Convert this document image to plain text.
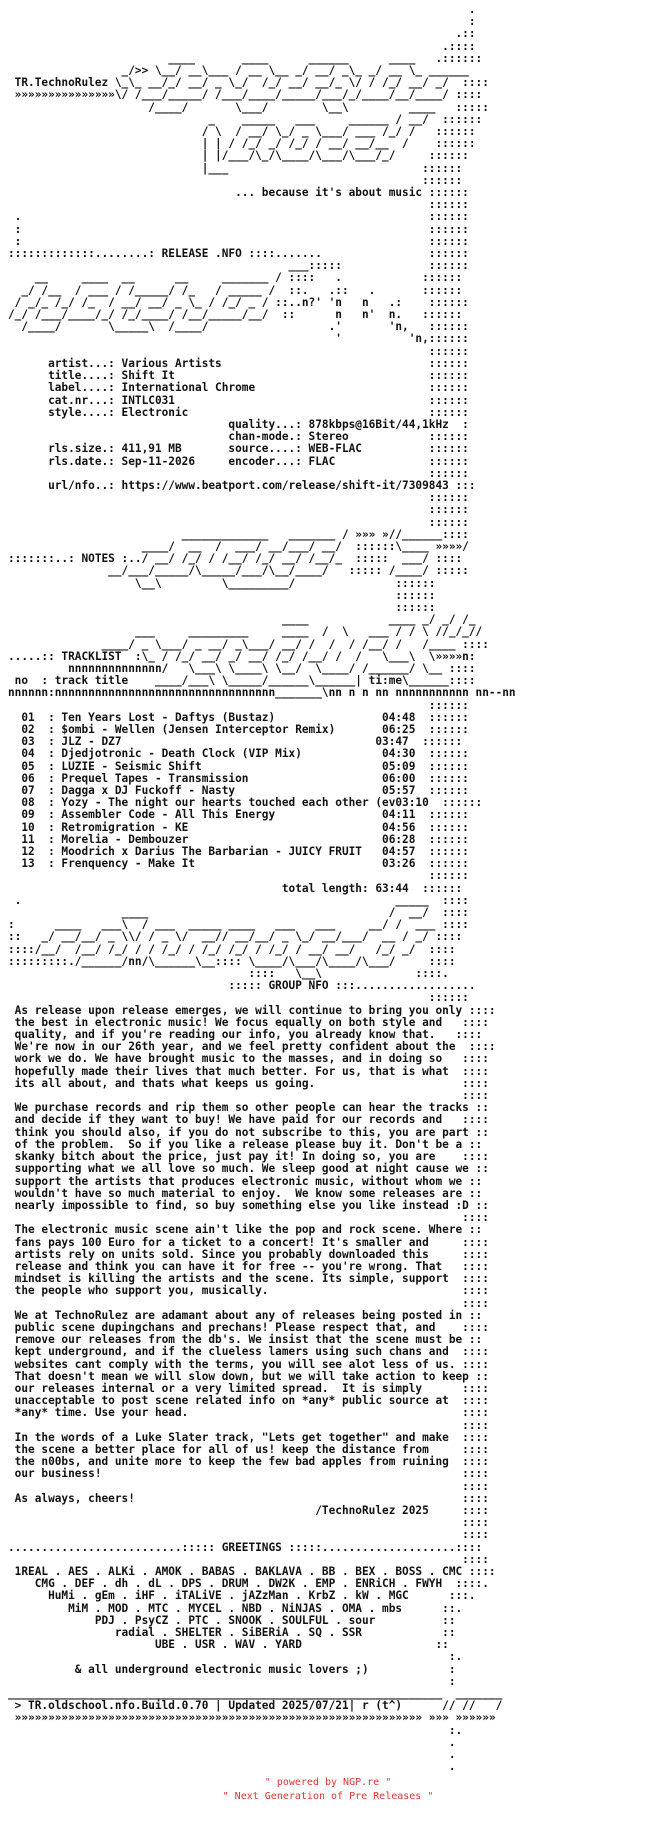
.
:
.::
.::::
____       ____      ______      ____   .::::::
_/>> \__/ __\___ / __ \__ _/ __/ _\_ _/ __ \_ ______
TR.TechnoRulez \_\_ __/_/ __/ _ \_/  /_/ __/ __/_ \/ / /_/ __/ _/  ::::
»»»»»»»»»»»»»»»\/ /___/_____/ /___/____/_____/___/_/____/__/____/ ::::
/____/       \___/        \__\         ____   :::::
_    _____   ___     ______ / __/  ::::::
/ \  / __/ \_/ _ \___/ ___ /_/ /   ::::::
| | / /_/ _/ /_/ / __/ __/__  /    ::::::
| |/___/\_/\____/\___/\___/_/     ::::::
|___                             ::::::
::::::
... because it's about music ::::::
::::::
.                                                             ::::::
:                                                             ::::::
:                                                             ::::::
:::::::::::::........: RELEASE .NFO ::::.......                ::::::
___:::::             ::::::
__     ____  __      __     _______ / ::::   .            ::::::
_/ /__  / ___ / /_____/ /_   / _____ /  ::.   .::   .       ::::::
/ _/_ /_/ /_  / __/ __/ _ \_ / /_/ _ / ::..n?' 'n   n   .:    ::::::
/_/ /___/____/_/ /_/____/ /__/_____/__/  ::      n   n'  n.   ::::::
/____/       \_____\  /____/                  .'       'n,   ::::::
'          'n,::::::
::::::
artist...: Various Artists                               ::::::
title....: Shift It                                      ::::::
label....: International Chrome                          ::::::
cat.nr...: INTLC031                                      ::::::
style....: Electronic                                    ::::::
quality...: 878kbps@16Bit/44,1kHz  :
chan-mode.: Stereo            ::::::
rls.size.: 411,91 MB       source....: WEB-FLAC          ::::::
rls.date.: Sep-11-2026     encoder...: FLAC              ::::::
::::::
url/nfo..: https://www.beatport.com/release/shift-it/7309843 :::
::::::
::::::
::::::
_____________   _______ / »»» »//______::::
____/  __  /  ___/ __/___/ __/  ::::::\____ »»»»/
:::::::..: NOTES :../ __/ /_/ / /__/ /_/ __/ /__/_  :::::  ___/ ::::
__/___/_____/\_____/___/\__/____/   ::::: /____/ :::::
\__\         \_________/               ::::::
::::::
::::::
____            ____ _/ _/ /_
___     _________     ____  /  \   ___ / / \ //_/_//
____/ _ \___/ _ __/ _\___/ __/ /  /  / /__/ /   /____ ::::
.....:: TRACKLIST  :\_ / /_/ __/ _/ __/ /_/ /__/ /  /   \___\  \»»»»n:
nnnnnnnnnnnnnn/   \___\ \____\ \__/  \____/ /______/ \__ ::::
no  : track title    ____/___\ \_____/______\______| ti:me\______::::
nnnnnn:nnnnnnnnnnnnnnnnnnnnnnnnnnnnnnnnn_______\nn n n nn nnnnnnnnnnn nn--nn
::::::
01  : Ten Years Lost - Daftys (Bustaz)                04:48  ::::::
02  : $ombi - Wellen (Jensen Interceptor Remix)       06:25  ::::::
03  : JLZ - DZ7                                      03:47  ::::::
04  : Djedjotronic - Death Clock (VIP Mix)            04:30  ::::::
05  : LUZIE - Seismic Shift                           05:09  ::::::
06  : Prequel Tapes - Transmission                    06:00  ::::::
07  : Dagga x DJ Fuckoff - Nasty                      05:57  ::::::
08  : Yozy - The night our hearts touched each other (ev03:10  ::::::
09  : Assembler Code - All This Energy                04:11  ::::::
10  : Retromigration - KE                             04:56  ::::::
11  : Morelia - Dembouzer                             06:28  ::::::
12  : Moodrich x Darius The Barbarian - JUICY FRUIT   04:57  ::::::
13  : Frenquency - Make It                            03:26  ::::::
::::::
total length: 63:44  ::::::
.                                                        _____  ::::
____                                    /  __/  ::::
:      ____   ___\  / ___  _____ ____   ___   ___     __/ /  ___ ::::
::   _/ __/__/ _ \\/ / _ \/  __// __/__/ _ \_/ __/___/  __ / _/ ::::
::::/__/  /__/ /_/ / / /_/ / /_/ /_/ / /_/ / __/ __/   /_/ _/  ::::
:::::::::./______/nn/\______\__:::: \____/\___/\____/\___/     ::::
::::   \__\              ::::.
::::: GROUP NFO :::..................
::::::
As release upon release emerges, we will continue to bring you only ::::
the best in electronic music! We focus equally on both style and   ::::
quality, and if you're reading our info, you already know that.   ::::
We're now in our 26th year, and we feel pretty confident about the  ::::
work we do. We have brought music to the masses, and in doing so   ::::
hopefully made their lives that much better. For us, that is what  ::::
its all about, and thats what keeps us going.                      ::::
::::
We purchase records and rip them so other people can hear the tracks ::
and decide if they want to buy! We have paid for our records and   ::::
think you should also, if you do not subscribe to this, you are part ::
of the problem.  So if you like a release please buy it. Don't be a ::
skanky bitch about the price, just pay it! In doing so, you are    ::::
supporting what we all love so much. We sleep good at night cause we ::
support the artists that produces electronic music, without whom we ::
wouldn't have so much material to enjoy.  We know some releases are ::
nearly impossible to find, so buy something else you like instead :D ::
::::
The electronic music scene ain't like the pop and rock scene. Where ::
fans pays 100 Euro for a ticket to a concert! It's smaller and     ::::
artists rely on units sold. Since you probably downloaded this     ::::
release and think you can have it for free -- you're wrong. That   ::::
mindset is killing the artists and the scene. Its simple, support  ::::
the people who support you, musically.                             ::::
::::
We at TechnoRulez are adamant about any of releases being posted in ::
public scene dupingchans and prechans! Please respect that, and    ::::
remove our releases from the db's. We insist that the scene must be ::
kept underground, and if the clueless lamers using such chans and  ::::
websites cant comply with the terms, you will see alot less of us. ::::
That doesn't mean we will slow down, but we will take action to keep ::
our releases internal or a very limited spread.  It is simply      ::::
unacceptable to post scene related info on *any* public source at  ::::
*any* time. Use your head.                                         ::::
::::
In the words of a Luke Slater track, "Lets get together" and make  ::::
the scene a better place for all of us! keep the distance from     ::::
the n00bs, and unite more to keep the few bad apples from ruining  ::::
our business!                                                      ::::
::::
As always, cheers!                                                 ::::
/TechnoRulez 2025     ::::
::::
::::
..........................::::: GREETINGS :::::....................::::
::::
1REAL . AES . ALKi . AMOK . BABAS . BAKLAVA . BB . BEX . BOSS . CMC ::::
CMG . DEF . dh . dL . DPS . DRUM . DW2K . EMP . ENRiCH . FWYH  ::::.
HuMi . gEm . iHF . iTALiVE . jAZzMan . KrbZ . kW . MGC      :::.
MiM . MOD . MTC . MYCEL . NBD . NiNJAS . OMA . mbs      ::.
PDJ . PsyCZ . PTC . SNOOK . SOULFUL . sour          ::
radial . SHELTER . SiBERiA . SQ . SSR            ::
UBE . USR . WAV . YARD                    ::
:.
& all underground electronic music lovers ;)            :
:
_________________________________________________________________  _______
> TR.oldschool.nfo.Build.0.70 | Updated 2025/07/21| r (t^)      // //   /
»»»»»»»»»»»»»»»»»»»»»»»»»»»»»»»»»»»»»»»»»»»»»»»»»»»»»»»»»»»»» »»» »»»»»»
:.
.
.
.
" powered by NGP.re "
" Next Generation of Pre Releases "
